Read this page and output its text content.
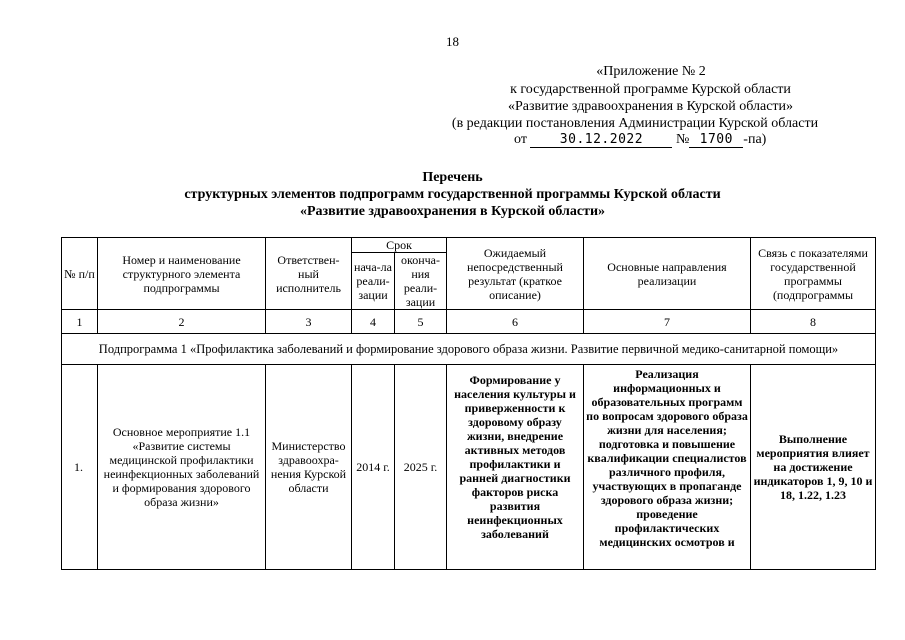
18
«Приложение № 2
к государственной программе Курской области
«Развитие здравоохранения в Курской области»
(в редакции постановления Администрации Курской области
от	30.12.2022 № 1700 -па)
Перечень
структурных элементов подпрограмм государственной программы Курской области
«Развитие здравоохранения в Курской области»
№ п/п	Номер и наименование структурного элемента подпрограммы	Ответствен-ный исполнитель	Срок		Ожидаемый непосредственный результат (краткое описание)	Основные направления реализации	Связь с показателями государственной программы (подпрограммы
			нача-ла реали-зации	оконча-ния реали-зации			
1	2	3	4	5	6	7	8
Подпрограмма 1 «Профилактика заболеваний и формирование здорового образа жизни. Развитие первичной медико-санитарной помощи»							
1.	Основное мероприятие 1.1 «Развитие системы медицинской профилактики неинфекционных заболеваний и формирования здорового образа жизни»	Министерство здравоохра-нения Курской области	2014 г.	2025 г.	Формирование у населения культуры и приверженности к здоровому образу жизни, внедрение активных методов профилактики и ранней диагностики факторов риска развития неинфекционных заболеваний	Реализация информационных и образовательных программ по вопросам здорового образа жизни для населения; подготовка и повышение квалификации специалистов различного профиля, участвующих в пропаганде здорового образа жизни; проведение профилактических медицинских осмотров и	Выполнение мероприятия влияет на достижение индикаторов 1, 9, 10 и 18, 1.22, 1.23
